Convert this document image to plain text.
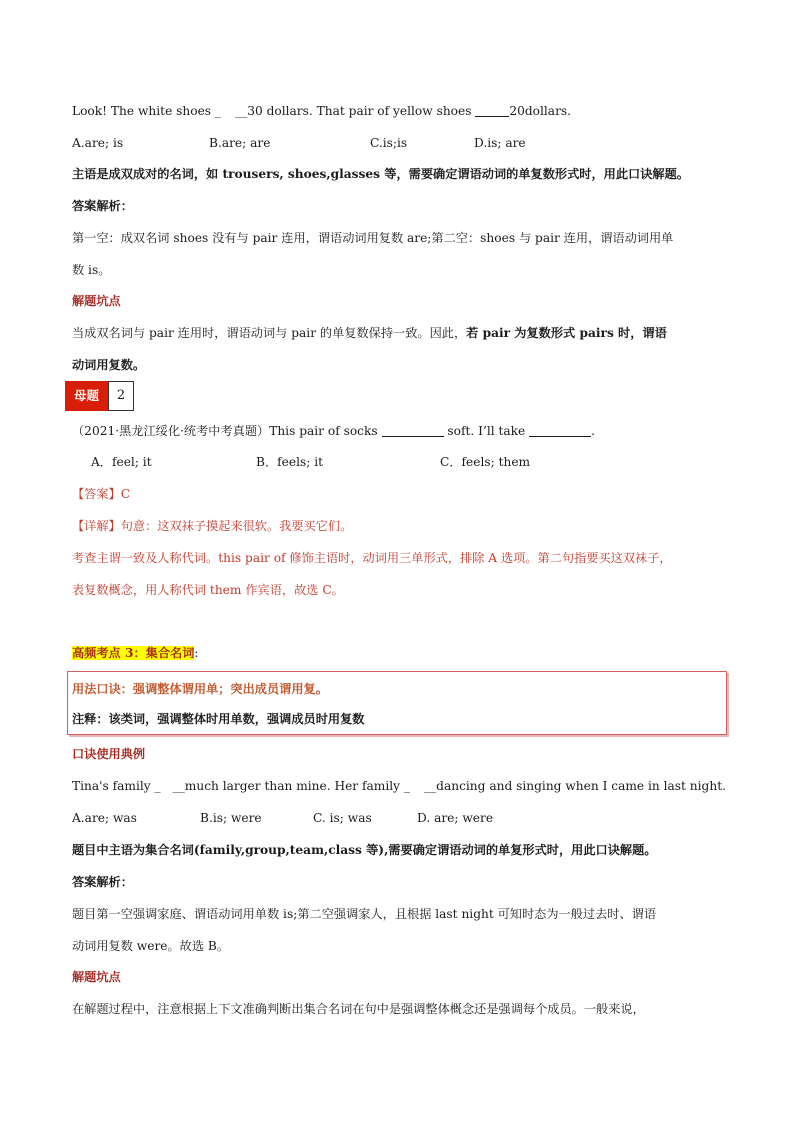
Look! The white shoes _ __30 dollars. That pair of yellow shoes	20dollars.
A.are; is	B.are; are	C.is;is	D.is; are
主语是成双成对的名词，如 trousers, shoes,glasses 等，需要确定谓语动词的单复数形式时，用此口诀解题。
答案解析：
第一空：成双名词 shoes 没有与 pair 连用，谓语动词用复数 are;第二空：shoes 与 pair 连用，谓语动词用单
数 is。
解题坑点
当成双名词与 pair 连用时，谓语动词与 pair 的单复数保持一致。因此，若 pair 为复数形式 pairs 时，谓语
动词用复数。
母题	2
（2021·黑龙江绥化·统考中考真题）This pair of socks	soft. I’ll take	.
A．feel; it	B．feels; it	C．feels; them
【答案】C
【详解】句意：这双袜子摸起来很软。我要买它们。
考查主谓一致及人称代词。this pair of 修饰主语时，动词用三单形式，排除 A 选项。第二句指要买这双袜子，
表复数概念，用人称代词 them 作宾语，故选 C。
高频考点 3：集合名词:
用法口诀：强调整体谓用单；突出成员谓用复。
注释：该类词，强调整体时用单数，强调成员时用复数
口诀使用典例
Tina's family _ __much larger than mine. Her family _ __dancing and singing when I came in last night.
A.are; was	B.is; were	C. is; was	D. are; were
题目中主语为集合名词(family,group,team,class 等),需要确定谓语动词的单复形式时，用此口诀解题。
答案解析：
题目第一空强调家庭、谓语动词用单数 is;第二空强调家人，且根据 last night 可知时态为一般过去时、谓语
动词用复数 were。故选 B。
解题坑点
在解题过程中，注意根据上下文准确判断出集合名词在句中是强调整体概念还是强调每个成员。一般来说，
